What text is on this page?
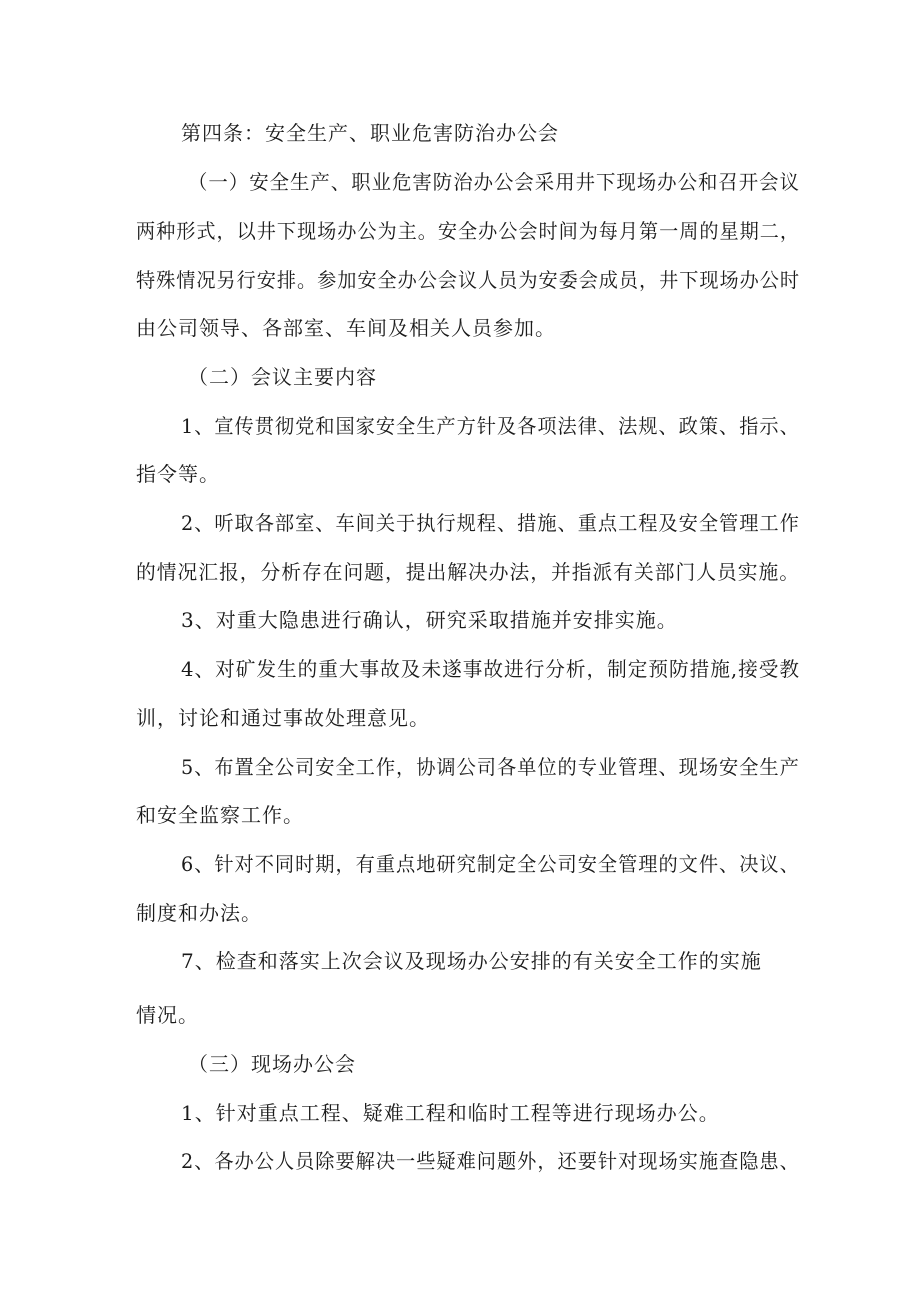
第四条：安全生产、职业危害防治办公会
（一）安全生产、职业危害防治办公会采用井下现场办公和召开会议
两种形式，以井下现场办公为主。安全办公会时间为每月第一周的星期二，
特殊情况另行安排。参加安全办公会议人员为安委会成员，井下现场办公时
由公司领导、各部室、车间及相关人员参加。
（二）会议主要内容
1、宣传贯彻党和国家安全生产方针及各项法律、法规、政策、指示、
指令等。
2、听取各部室、车间关于执行规程、措施、重点工程及安全管理工作
的情况汇报，分析存在问题，提出解决办法，并指派有关部门人员实施。
3、对重大隐患进行确认，研究采取措施并安排实施。
4、对矿发生的重大事故及未遂事故进行分析，制定预防措施,接受教
训，讨论和通过事故处理意见。
5、布置全公司安全工作，协调公司各单位的专业管理、现场安全生产
和安全监察工作。
6、针对不同时期，有重点地研究制定全公司安全管理的文件、决议、
制度和办法。
7、检查和落实上次会议及现场办公安排的有关安全工作的实施
情况。
（三）现场办公会
1、针对重点工程、疑难工程和临时工程等进行现场办公。
2、各办公人员除要解决一些疑难问题外，还要针对现场实施查隐患、
